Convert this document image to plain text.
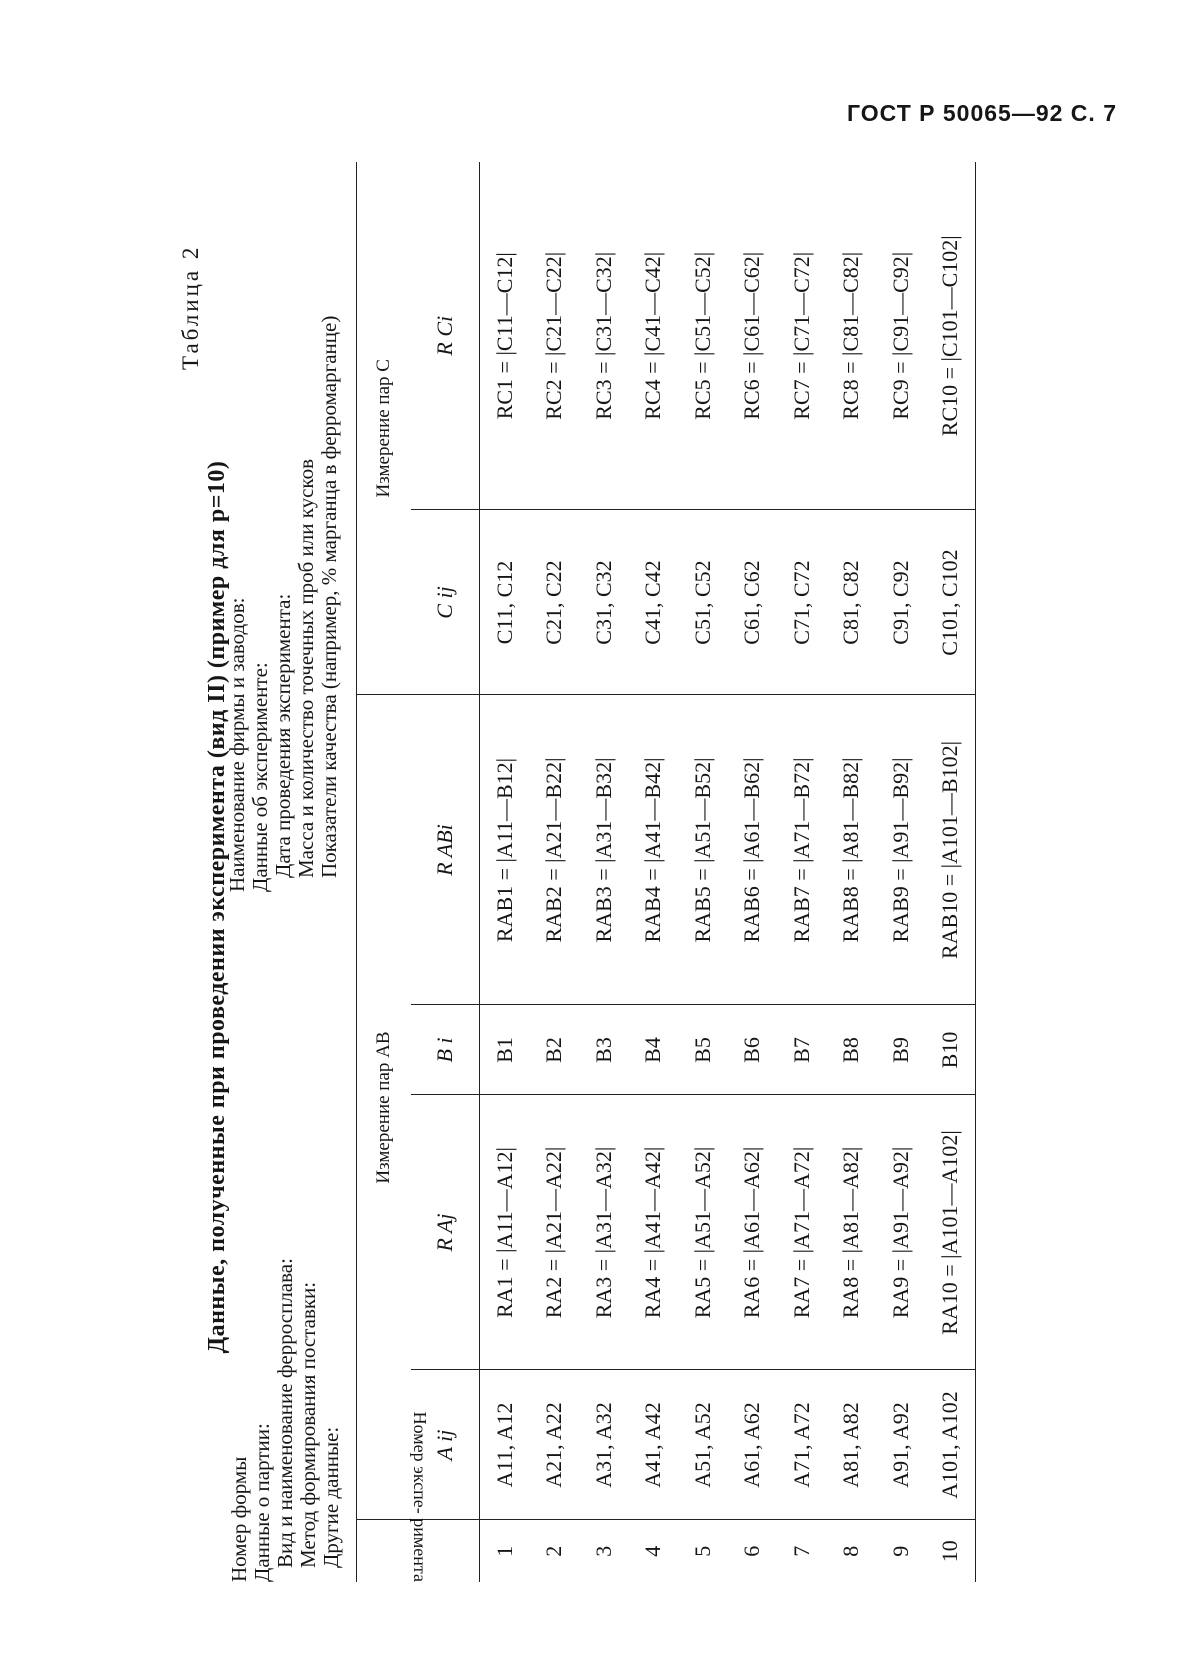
ГОСТ Р 50065—92 С. 7
Таблица 2
Данные, полученные при проведении эксперимента (вид II) (пример для p=10)
Номер формы Данные о партии: Вид и наименование ферросплава: Метод формирования поставки: Другие данные:
Наименование фирмы и заводов: Данные об эксперименте: Дата проведения эксперимента: Масса и количество точечных проб или кусков Показатели качества (например, % марганца в ферромарганце)
Номер экспе- римента	Измерение пар AB				Измерение пар C	
	A ij	R Aj	B i	R ABi	C ij	R Ci
1	A11, A12	RA1 = |A11—A12|	B1	RAB1 = |A11—B12|	C11, C12	RC1 = |C11—C12|
2	A21, A22	RA2 = |A21—A22|	B2	RAB2 = |A21—B22|	C21, C22	RC2 = |C21—C22|
3	A31, A32	RA3 = |A31—A32|	B3	RAB3 = |A31—B32|	C31, C32	RC3 = |C31—C32|
4	A41, A42	RA4 = |A41—A42|	B4	RAB4 = |A41—B42|	C41, C42	RC4 = |C41—C42|
5	A51, A52	RA5 = |A51—A52|	B5	RAB5 = |A51—B52|	C51, C52	RC5 = |C51—C52|
6	A61, A62	RA6 = |A61—A62|	B6	RAB6 = |A61—B62|	C61, C62	RC6 = |C61—C62|
7	A71, A72	RA7 = |A71—A72|	B7	RAB7 = |A71—B72|	C71, C72	RC7 = |C71—C72|
8	A81, A82	RA8 = |A81—A82|	B8	RAB8 = |A81—B82|	C81, C82	RC8 = |C81—C82|
9	A91, A92	RA9 = |A91—A92|	B9	RAB9 = |A91—B92|	C91, C92	RC9 = |C91—C92|
10	A101, A102	RA10 = |A101—A102|	B10	RAB10 = |A101—B102|	C101, C102	RC10 = |C101—C102|
